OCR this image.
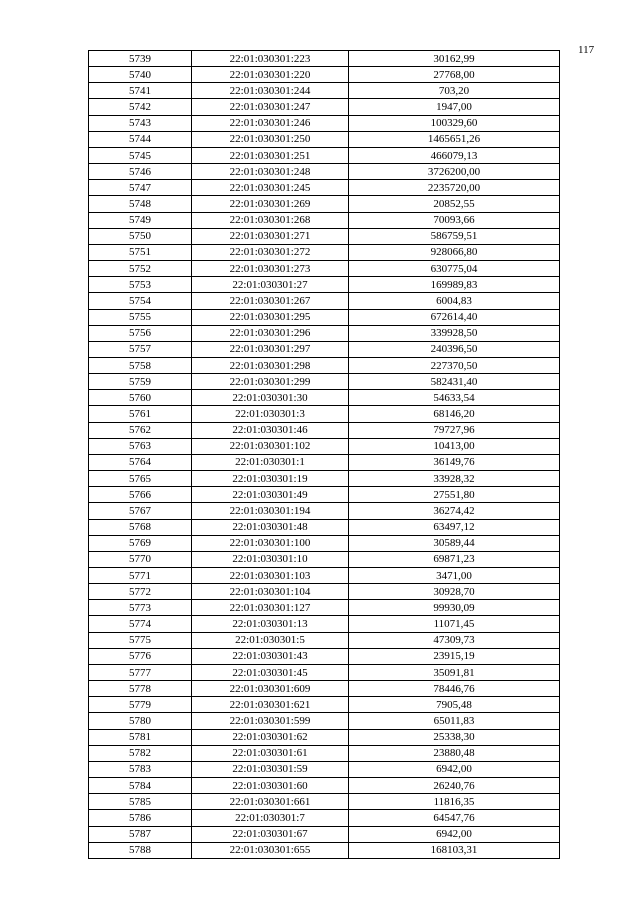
117
5739	22:01:030301:223	30162,99
5740	22:01:030301:220	27768,00
5741	22:01:030301:244	703,20
5742	22:01:030301:247	1947,00
5743	22:01:030301:246	100329,60
5744	22:01:030301:250	1465651,26
5745	22:01:030301:251	466079,13
5746	22:01:030301:248	3726200,00
5747	22:01:030301:245	2235720,00
5748	22:01:030301:269	20852,55
5749	22:01:030301:268	70093,66
5750	22:01:030301:271	586759,51
5751	22:01:030301:272	928066,80
5752	22:01:030301:273	630775,04
5753	22:01:030301:27	169989,83
5754	22:01:030301:267	6004,83
5755	22:01:030301:295	672614,40
5756	22:01:030301:296	339928,50
5757	22:01:030301:297	240396,50
5758	22:01:030301:298	227370,50
5759	22:01:030301:299	582431,40
5760	22:01:030301:30	54633,54
5761	22:01:030301:3	68146,20
5762	22:01:030301:46	79727,96
5763	22:01:030301:102	10413,00
5764	22:01:030301:1	36149,76
5765	22:01:030301:19	33928,32
5766	22:01:030301:49	27551,80
5767	22:01:030301:194	36274,42
5768	22:01:030301:48	63497,12
5769	22:01:030301:100	30589,44
5770	22:01:030301:10	69871,23
5771	22:01:030301:103	3471,00
5772	22:01:030301:104	30928,70
5773	22:01:030301:127	99930,09
5774	22:01:030301:13	11071,45
5775	22:01:030301:5	47309,73
5776	22:01:030301:43	23915,19
5777	22:01:030301:45	35091,81
5778	22:01:030301:609	78446,76
5779	22:01:030301:621	7905,48
5780	22:01:030301:599	65011,83
5781	22:01:030301:62	25338,30
5782	22:01:030301:61	23880,48
5783	22:01:030301:59	6942,00
5784	22:01:030301:60	26240,76
5785	22:01:030301:661	11816,35
5786	22:01:030301:7	64547,76
5787	22:01:030301:67	6942,00
5788	22:01:030301:655	168103,31
